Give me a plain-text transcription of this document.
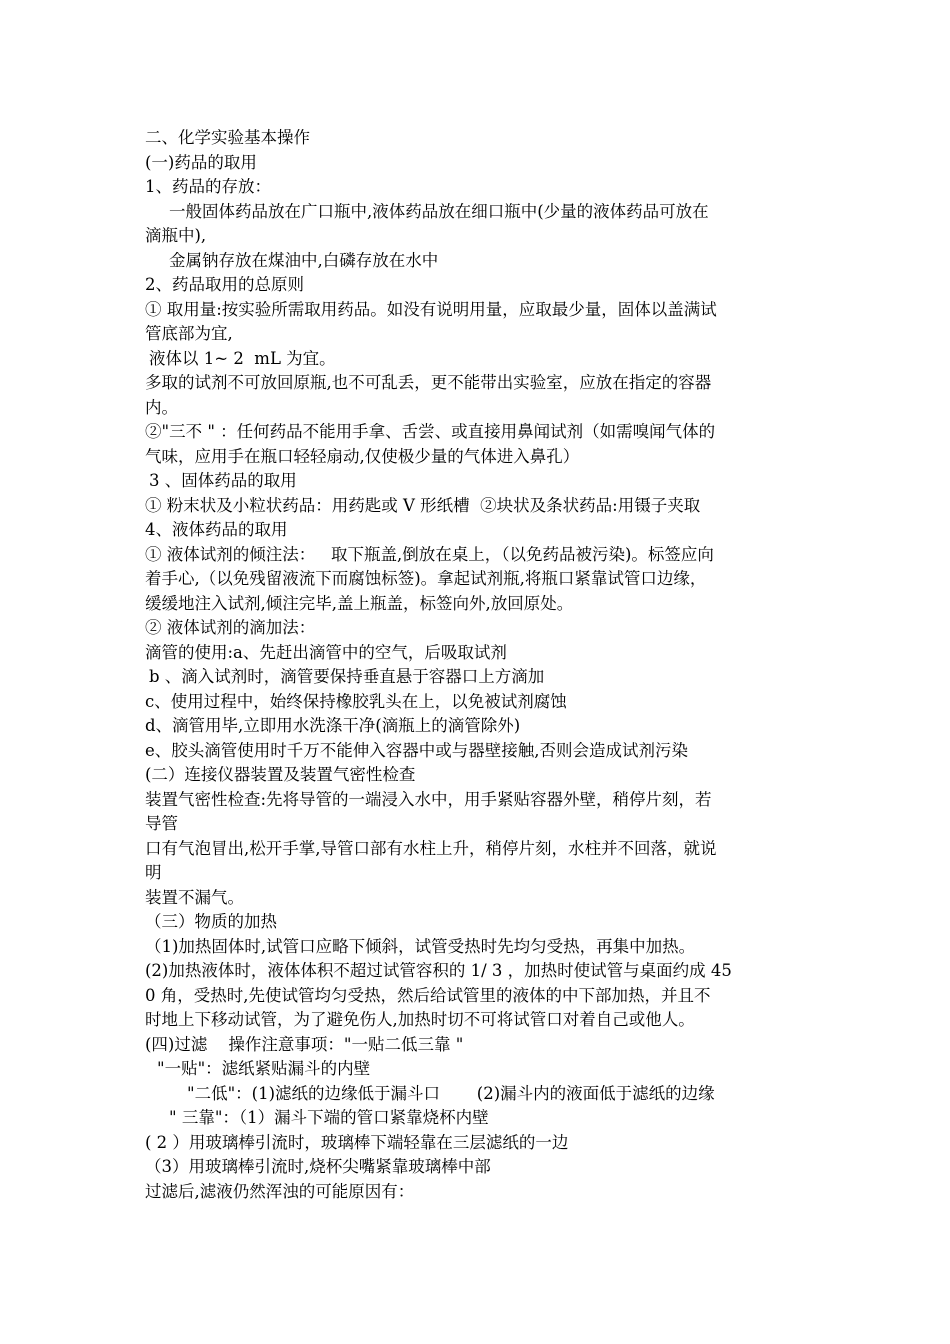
二、化学实验基本操作
(一)药品的取用
1、药品的存放：
一般固体药品放在广口瓶中,液体药品放在细口瓶中(少量的液体药品可放在
滴瓶中),
金属钠存放在煤油中,白磷存放在水中
2、药品取用的总原则
① 取用量:按实验所需取用药品。如没有说明用量，应取最少量，固体以盖满试
管底部为宜,
液体以 1~ 2  mL 为宜。
多取的试剂不可放回原瓶,也不可乱丢，更不能带出实验室，应放在指定的容器
内。
②"三不 " ：任何药品不能用手拿、舌尝、或直接用鼻闻试剂（如需嗅闻气体的
气味，应用手在瓶口轻轻扇动,仅使极少量的气体进入鼻孔）
3 、固体药品的取用
① 粉末状及小粒状药品：用药匙或 V 形纸槽  ②块状及条状药品:用镊子夹取
4、液体药品的取用
① 液体试剂的倾注法：   取下瓶盖,倒放在桌上，（以免药品被污染)。标签应向
着手心,（以免残留液流下而腐蚀标签)。拿起试剂瓶,将瓶口紧靠试管口边缘，
缓缓地注入试剂,倾注完毕,盖上瓶盖，标签向外,放回原处。
② 液体试剂的滴加法：
滴管的使用:a、先赶出滴管中的空气，后吸取试剂
b 、滴入试剂时，滴管要保持垂直悬于容器口上方滴加
c、使用过程中，始终保持橡胶乳头在上，以免被试剂腐蚀
d、滴管用毕,立即用水洗涤干净(滴瓶上的滴管除外)
e、胶头滴管使用时千万不能伸入容器中或与器壁接触,否则会造成试剂污染
(二）连接仪器装置及装置气密性检查
装置气密性检查:先将导管的一端浸入水中，用手紧贴容器外壁，稍停片刻，若
导管
口有气泡冒出,松开手掌,导管口部有水柱上升，稍停片刻，水柱并不回落，就说
明
装置不漏气。
（三）物质的加热
（1)加热固体时,试管口应略下倾斜，试管受热时先均匀受热，再集中加热。
(2)加热液体时，液体体积不超过试管容积的 1/ 3 ，加热时使试管与桌面约成 45
0 角，受热时,先使试管均匀受热，然后给试管里的液体的中下部加热，并且不
时地上下移动试管，为了避免伤人,加热时切不可将试管口对着自己或他人。
(四)过滤    操作注意事项："一贴二低三靠 "
"一贴"：滤纸紧贴漏斗的内壁
"二低"：(1)滤纸的边缘低于漏斗口       (2)漏斗内的液面低于滤纸的边缘
" 三靠"：（1）漏斗下端的管口紧靠烧杯内壁
( 2 ）用玻璃棒引流时，玻璃棒下端轻靠在三层滤纸的一边
（3）用玻璃棒引流时,烧杯尖嘴紧靠玻璃棒中部
过滤后,滤液仍然浑浊的可能原因有：
